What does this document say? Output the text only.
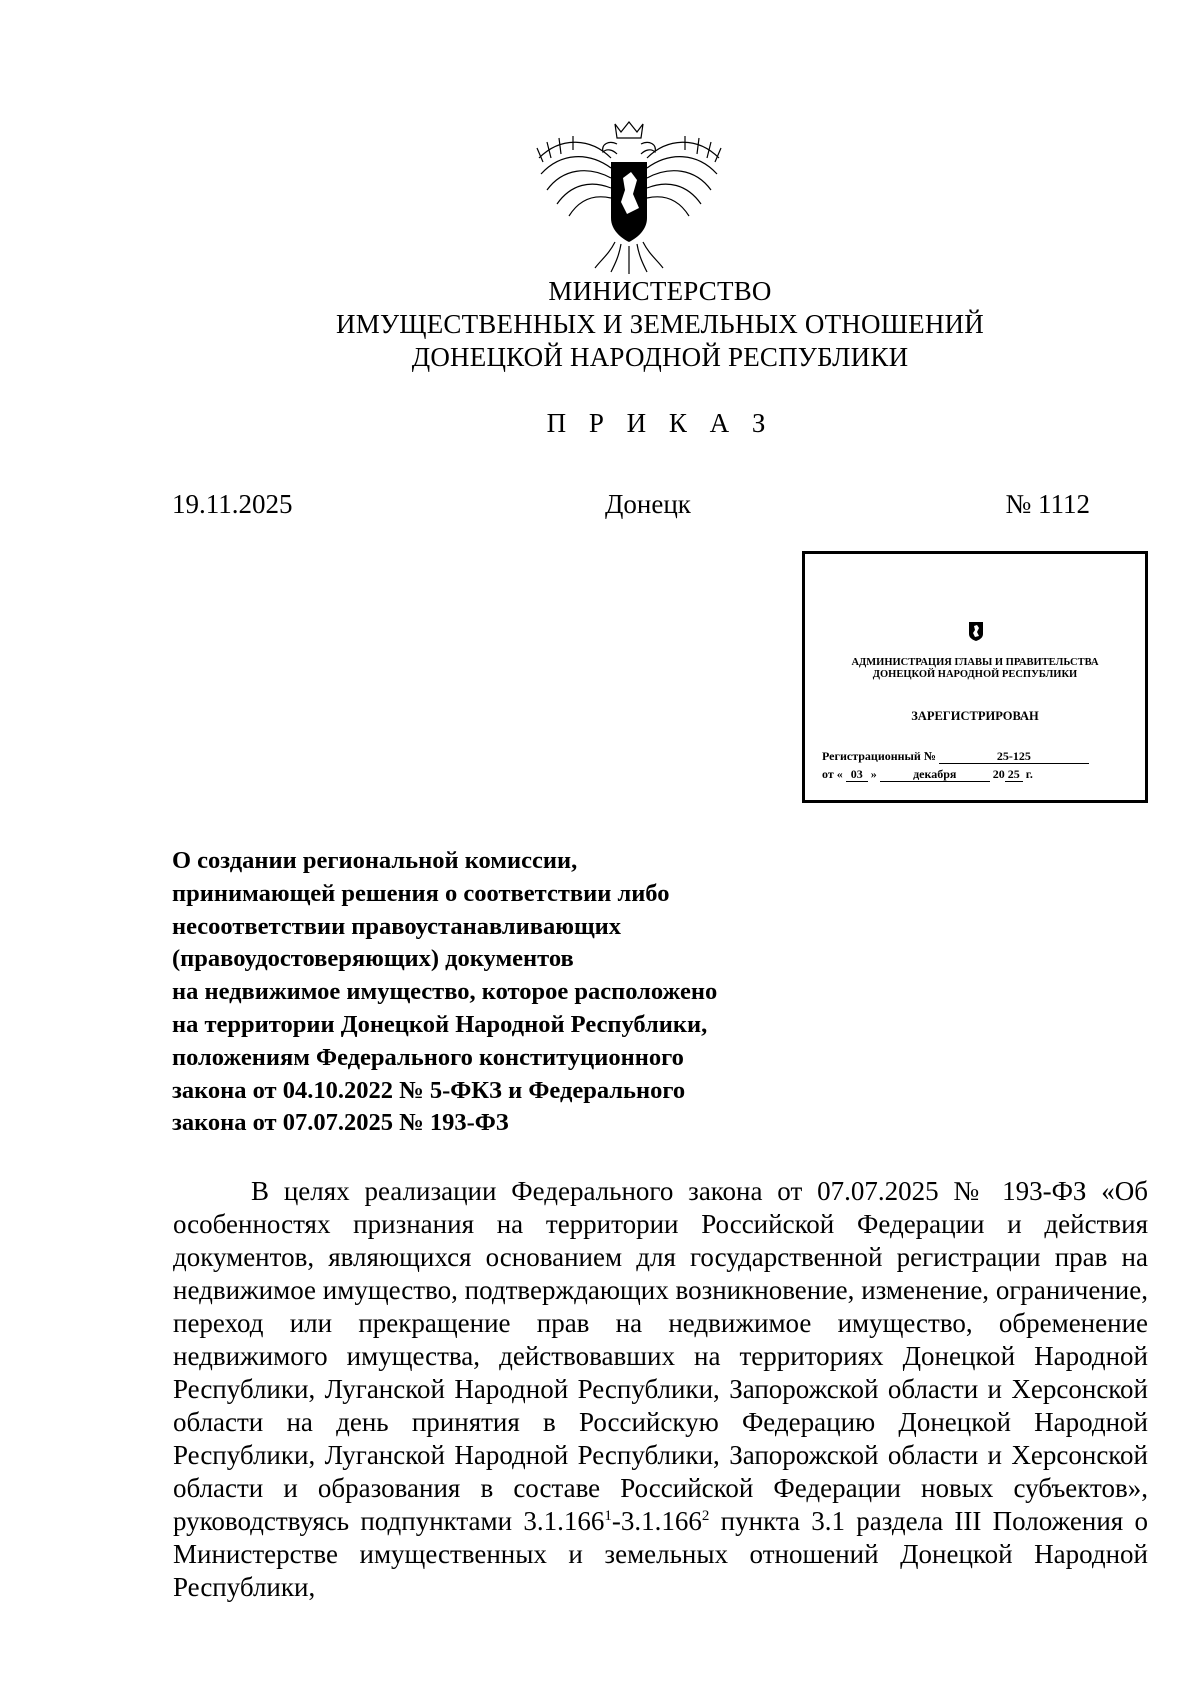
МИНИСТЕРСТВО
ИМУЩЕСТВЕННЫХ И ЗЕМЕЛЬНЫХ ОТНОШЕНИЙ
ДОНЕЦКОЙ НАРОДНОЙ РЕСПУБЛИКИ
П Р И К А З
19.11.2025	Донецк	№ 1112
АДМИНИСТРАЦИЯ ГЛАВЫ И ПРАВИТЕЛЬСТВА
ДОНЕЦКОЙ НАРОДНОЙ РЕСПУБЛИКИ
ЗАРЕГИСТРИРОВАН
Регистрационный №	25-125
от « 03 »	декабря	20 25 г.
О создании региональной комиссии,
принимающей решения о соответствии либо
несоответствии правоустанавливающих
(правоудостоверяющих) документов
на недвижимое имущество, которое расположено
на территории Донецкой Народной Республики,
положениям Федерального конституционного
закона от 04.10.2022 № 5-ФКЗ и Федерального
закона от 07.07.2025 № 193-ФЗ
В целях реализации Федерального закона от 07.07.2025 № 193-ФЗ «Об особенностях признания на территории Российской Федерации и действия документов, являющихся основанием для государственной регистрации прав на недвижимое имущество, подтверждающих возникновение, изменение, ограничение, переход или прекращение прав на недвижимое имущество, обременение недвижимого имущества, действовавших на территориях Донецкой Народной Республики, Луганской Народной Республики, Запорожской области и Херсонской области на день принятия в Российскую Федерацию Донецкой Народной Республики, Луганской Народной Республики, Запорожской области и Херсонской области и образования в составе Российской Федерации новых субъектов», руководствуясь подпунктами 3.1.166$^1$-3.1.166$^2$ пункта 3.1 раздела III Положения о Министерстве имущественных и земельных отношений Донецкой Народной Республики,
